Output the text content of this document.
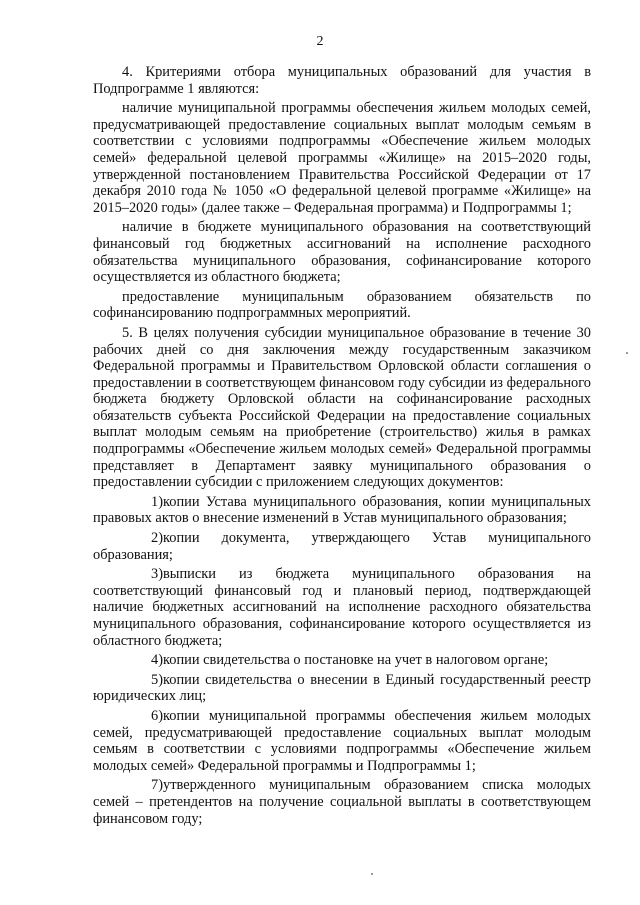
2

4. Критериями отбора муниципальных образований для участия в Подпрограмме 1 являются:

наличие муниципальной программы обеспечения жильем молодых семей, предусматривающей предоставление социальных выплат молодым семьям в соответствии с условиями подпрограммы «Обеспечение жильем молодых семей» федеральной целевой программы «Жилище» на 2015–2020 годы, утвержденной постановлением Правительства Российской Федерации от 17 декабря 2010 года № 1050 «О федеральной целевой программе «Жилище» на 2015–2020 годы» (далее также – Федеральная программа) и Подпрограммы 1;

наличие в бюджете муниципального образования на соответствующий финансовый год бюджетных ассигнований на исполнение расходного обязательства муниципального образования, софинансирование которого осуществляется из областного бюджета;

предоставление муниципальным образованием обязательств по софинансированию подпрограммных мероприятий.

5. В целях получения субсидии муниципальное образование в течение 30 рабочих дней со дня заключения между государственным заказчиком Федеральной программы и Правительством Орловской области соглашения о предоставлении в соответствующем финансовом году субсидии из федерального бюджета бюджету Орловской области на софинансирование расходных обязательств субъекта Российской Федерации на предоставление социальных выплат молодым семьям на приобретение (строительство) жилья в рамках подпрограммы «Обеспечение жильем молодых семей» Федеральной программы представляет в Департамент заявку муниципального образования о предоставлении субсидии с приложением следующих документов:

1)копии Устава муниципального образования, копии муниципальных правовых актов о внесение изменений в Устав муниципального образования;

2)копии документа, утверждающего Устав муниципального образования;

3)выписки из бюджета муниципального образования на соответствующий финансовый год и плановый период, подтверждающей наличие бюджетных ассигнований на исполнение расходного обязательства муниципального образования, софинансирование которого осуществляется из областного бюджета;

4)копии свидетельства о постановке на учет в налоговом органе;

5)копии свидетельства о внесении в Единый государственный реестр юридических лиц;

6)копии муниципальной программы обеспечения жильем молодых семей, предусматривающей предоставление социальных выплат молодым семьям в соответствии с условиями подпрограммы «Обеспечение жильем молодых семей» Федеральной программы и Подпрограммы 1;

7)утвержденного муниципальным образованием списка молодых семей – претендентов на получение социальной выплаты в соответствующем финансовом году;
